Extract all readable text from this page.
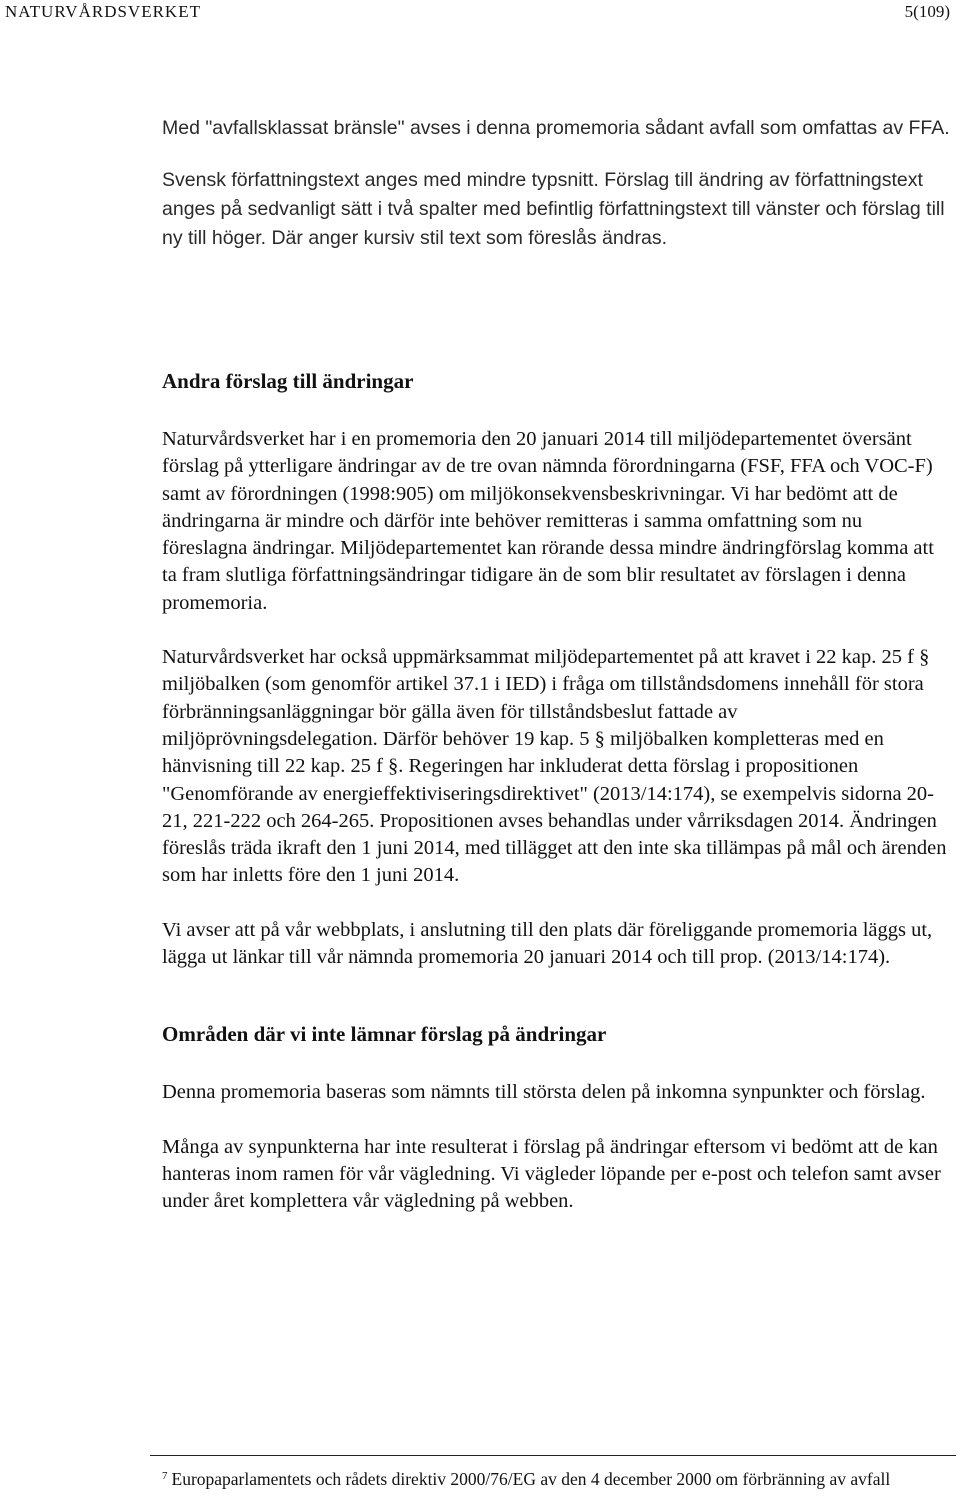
NATURVÅRDSVERKET	5(109)

Med "avfallsklassat bränsle" avses i denna promemoria sådant avfall som omfattas av FFA.

Svensk författningstext anges med mindre typsnitt. Förslag till ändring av författningstext anges på sedvanligt sätt i två spalter med befintlig författningstext till vänster och förslag till ny till höger. Där anger kursiv stil text som föreslås ändras.

Andra förslag till ändringar

Naturvårdsverket har i en promemoria den 20 januari 2014 till miljödepartementet översänt förslag på ytterligare ändringar av de tre ovan nämnda förordningarna (FSF, FFA och VOC-F) samt av förordningen (1998:905) om miljökonsekvensbeskrivningar. Vi har bedömt att de ändringarna är mindre och därför inte behöver remitteras i samma omfattning som nu föreslagna ändringar. Miljödepartementet kan rörande dessa mindre ändringförslag komma att ta fram slutliga författningsändringar tidigare än de som blir resultatet av förslagen i denna promemoria.

Naturvårdsverket har också uppmärksammat miljödepartementet på att kravet i 22 kap. 25 f § miljöbalken (som genomför artikel 37.1 i IED) i fråga om tillståndsdomens innehåll för stora förbränningsanläggningar bör gälla även för tillståndsbeslut fattade av miljöprövningsdelegation. Därför behöver 19 kap. 5 § miljöbalken kompletteras med en hänvisning till 22 kap. 25 f §. Regeringen har inkluderat detta förslag i propositionen "Genomförande av energieffektiviseringsdirektivet" (2013/14:174), se exempelvis sidorna 20-21, 221-222 och 264-265. Propositionen avses behandlas under vårriksdagen 2014. Ändringen föreslås träda ikraft den 1 juni 2014, med tillägget att den inte ska tillämpas på mål och ärenden som har inletts före den 1 juni 2014.

Vi avser att på vår webbplats, i anslutning till den plats där föreliggande promemoria läggs ut, lägga ut länkar till vår nämnda promemoria 20 januari 2014 och till prop. (2013/14:174).

Områden där vi inte lämnar förslag på ändringar

Denna promemoria baseras som nämnts till största delen på inkomna synpunkter och förslag.

Många av synpunkterna har inte resulterat i förslag på ändringar eftersom vi bedömt att de kan hanteras inom ramen för vår vägledning. Vi vägleder löpande per e-post och telefon samt avser under året komplettera vår vägledning på webben.

$^7$ Europaparlamentets och rådets direktiv 2000/76/EG av den 4 december 2000 om förbränning av avfall
